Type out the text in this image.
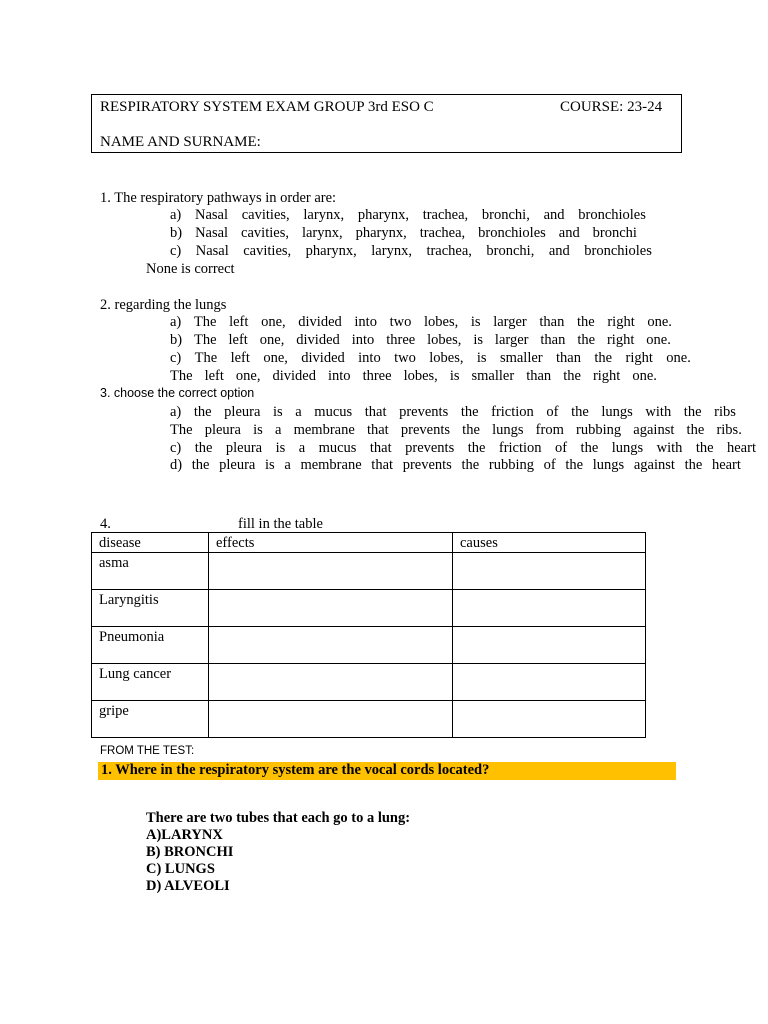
RESPIRATORY SYSTEM EXAM GROUP 3rd ESO C	COURSE: 23-24
NAME AND SURNAME:
1. The respiratory pathways in order are:
a) Nasal cavities, larynx, pharynx, trachea, bronchi, and bronchioles
b) Nasal cavities, larynx, pharynx, trachea, bronchioles and bronchi
c) Nasal cavities, pharynx, larynx, trachea, bronchi, and bronchioles
None is correct
2. regarding the lungs
a) The left one, divided into two lobes, is larger than the right one.
b) The left one, divided into three lobes, is larger than the right one.
c) The left one, divided into two lobes, is smaller than the right one.
The left one, divided into three lobes, is smaller than the right one.
3. choose the correct option
a) the pleura is a mucus that prevents the friction of the lungs with the ribs
The pleura is a membrane that prevents the lungs from rubbing against the ribs.
c) the pleura is a mucus that prevents the friction of the lungs with the heart
d) the pleura is a membrane that prevents the rubbing of the lungs against the heart
4.	fill in the table
disease	effects	causes
asma		
Laryngitis		
Pneumonia		
Lung cancer		
gripe		
FROM THE TEST:
1. Where in the respiratory system are the vocal cords located?
There are two tubes that each go to a lung:
A)LARYNX
B) BRONCHI
C) LUNGS
D) ALVEOLI
